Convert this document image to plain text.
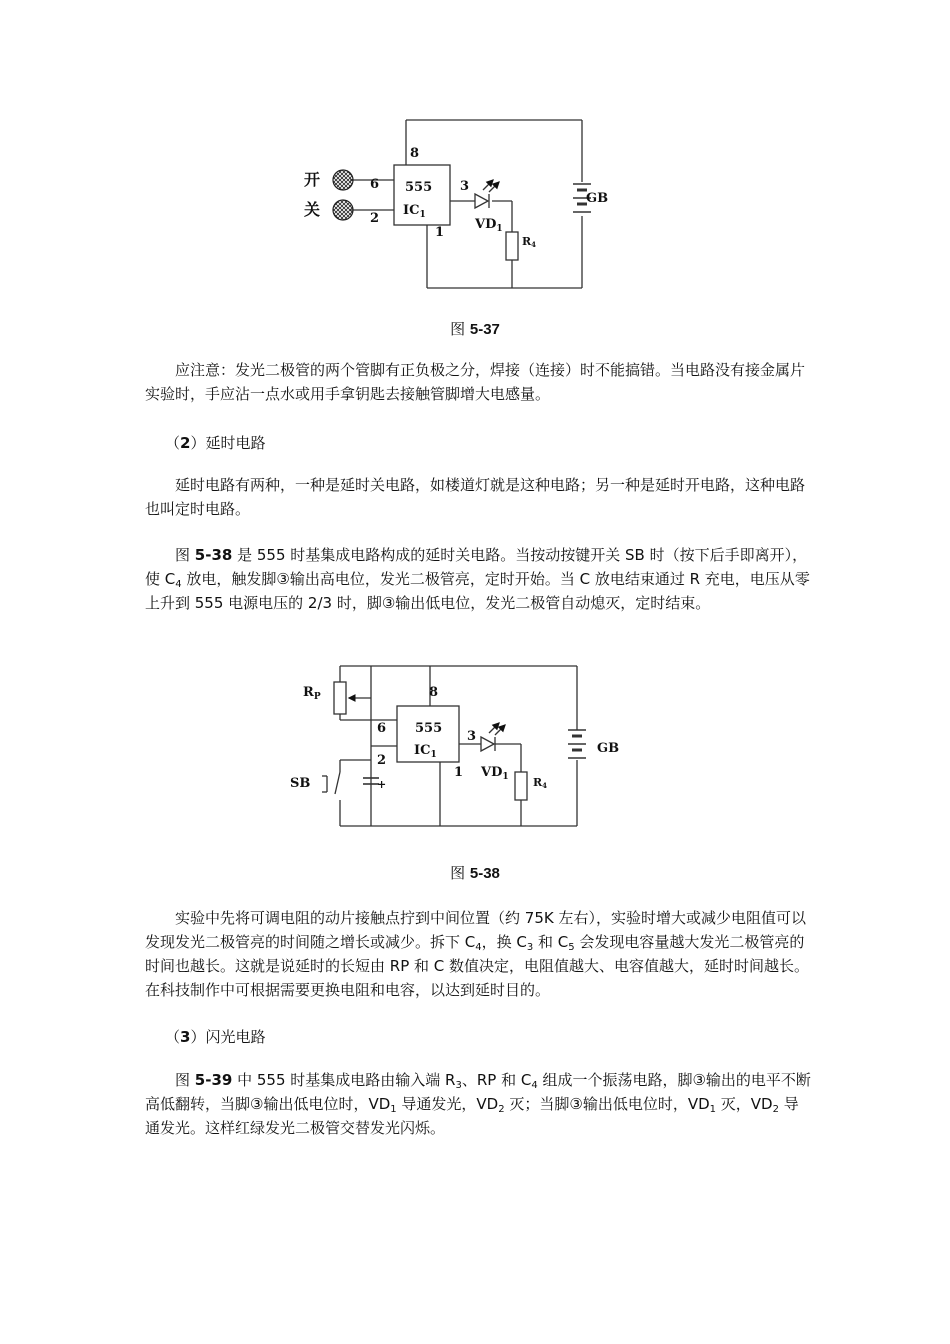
开
关
8
6
2
3
1
555
$IC_1$
$VD_1$
R4
GB
图 5-37
应注意：发光二极管的两个管脚有正负极之分，焊接（连接）时不能搞错。当电路没有接金属片实验时，手应沾一点水或用手拿钥匙去接触管脚增大电感量。
（2）延时电路
延时电路有两种，一种是延时关电路，如楼道灯就是这种电路；另一种是延时开电路，这种电路也叫定时电路。
图 5-38 是 555 时基集成电路构成的延时关电路。当按动按键开关 SB 时（按下后手即离开），使 $C_4$ 放电，触发脚③输出高电位，发光二极管亮，定时开始。当 C 放电结束通过 R 充电，电压从零上升到 555 电源电压的 2/3 时，脚③输出低电位，发光二极管自动熄灭，定时结束。
$R_P$	8
6
2
3
1
555
$IC_1$
$VD_1$ R4
GB
SB	+
图 5-38
实验中先将可调电阻的动片接触点拧到中间位置（约 75K 左右），实验时增大或减少电阻值可以发现发光二极管亮的时间随之增长或减少。拆下 $C_4$，换 $C_3$ 和 $C_5$ 会发现电容量越大发光二极管亮的时间也越长。这就是说延时的长短由 RP 和 C 数值决定，电阻值越大、电容值越大，延时时间越长。在科技制作中可根据需要更换电阻和电容，以达到延时目的。
（3）闪光电路
图 5-39 中 555 时基集成电路由输入端 $R_3$、RP 和 $C_4$ 组成一个振荡电路，脚③输出的电平不断高低翻转，当脚③输出低电位时，$VD_1$ 导通发光，$VD_2$ 灭；当脚③输出低电位时，$VD_1$ 灭，$VD_2$ 导通发光。这样红绿发光二极管交替发光闪烁。
